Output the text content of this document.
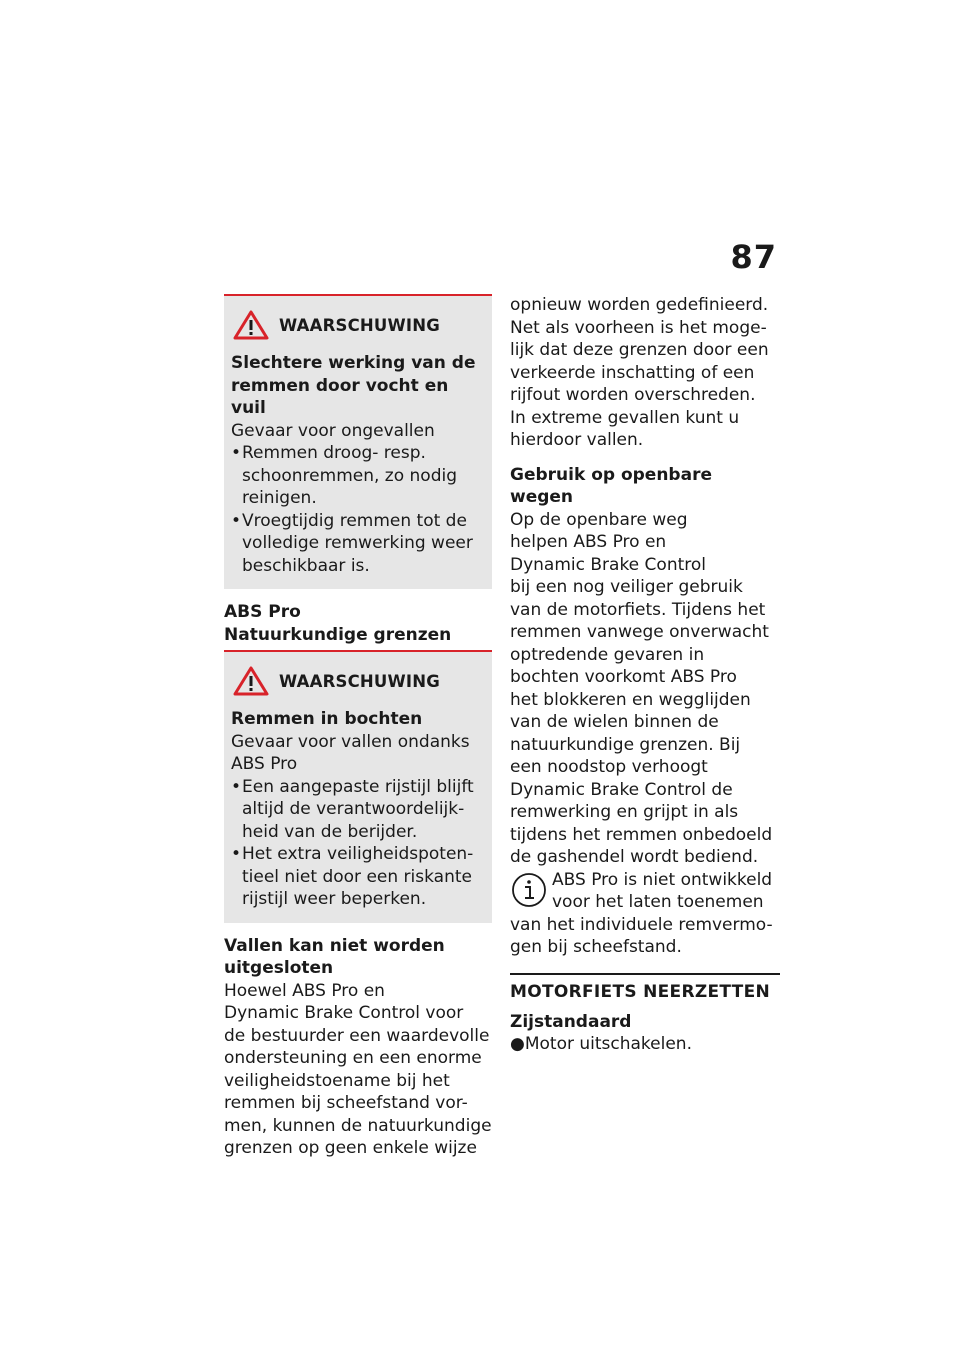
87
WAARSCHUWING
Slechtere werking van de
remmen door vocht en vuil
Gevaar voor ongevallen
• Remmen droog- resp.
schoonremmen, zo nodig
reinigen.
• Vroegtijdig remmen tot de
volledige remwerking weer
beschikbaar is.
ABS Pro
Natuurkundige grenzen
WAARSCHUWING
Remmen in bochten
Gevaar voor vallen ondanks
ABS Pro
• Een aangepaste rijstijl blijft
altijd de verantwoordelijk-
heid van de berijder.
• Het extra veiligheidspoten-
tieel niet door een riskante
rijstijl weer beperken.
Vallen kan niet worden
uitgesloten
Hoewel ABS Pro en
Dynamic Brake Control voor
de bestuurder een waardevolle
ondersteuning en een enorme
veiligheidstoename bij het
remmen bij scheefstand vor-
men, kunnen de natuurkundige
grenzen op geen enkele wijze
opnieuw worden gedefinieerd.
Net als voorheen is het moge-
lijk dat deze grenzen door een
verkeerde inschatting of een
rijfout worden overschreden.
In extreme gevallen kunt u
hierdoor vallen.
Gebruik op openbare wegen
Op de openbare weg
helpen ABS Pro en
Dynamic Brake Control
bij een nog veiliger gebruik
van de motorfiets. Tijdens het
remmen vanwege onverwacht
optredende gevaren in
bochten voorkomt ABS Pro
het blokkeren en wegglijden
van de wielen binnen de
natuurkundige grenzen. Bij
een noodstop verhoogt
Dynamic Brake Control de
remwerking en grijpt in als
tijdens het remmen onbedoeld
de gashendel wordt bediend.
ABS Pro is niet ontwikkeld
voor het laten toenemen
van het individuele remvermo-
gen bij scheefstand.
MOTORFIETS NEERZETTEN
Zijstandaard
●Motor uitschakelen.
